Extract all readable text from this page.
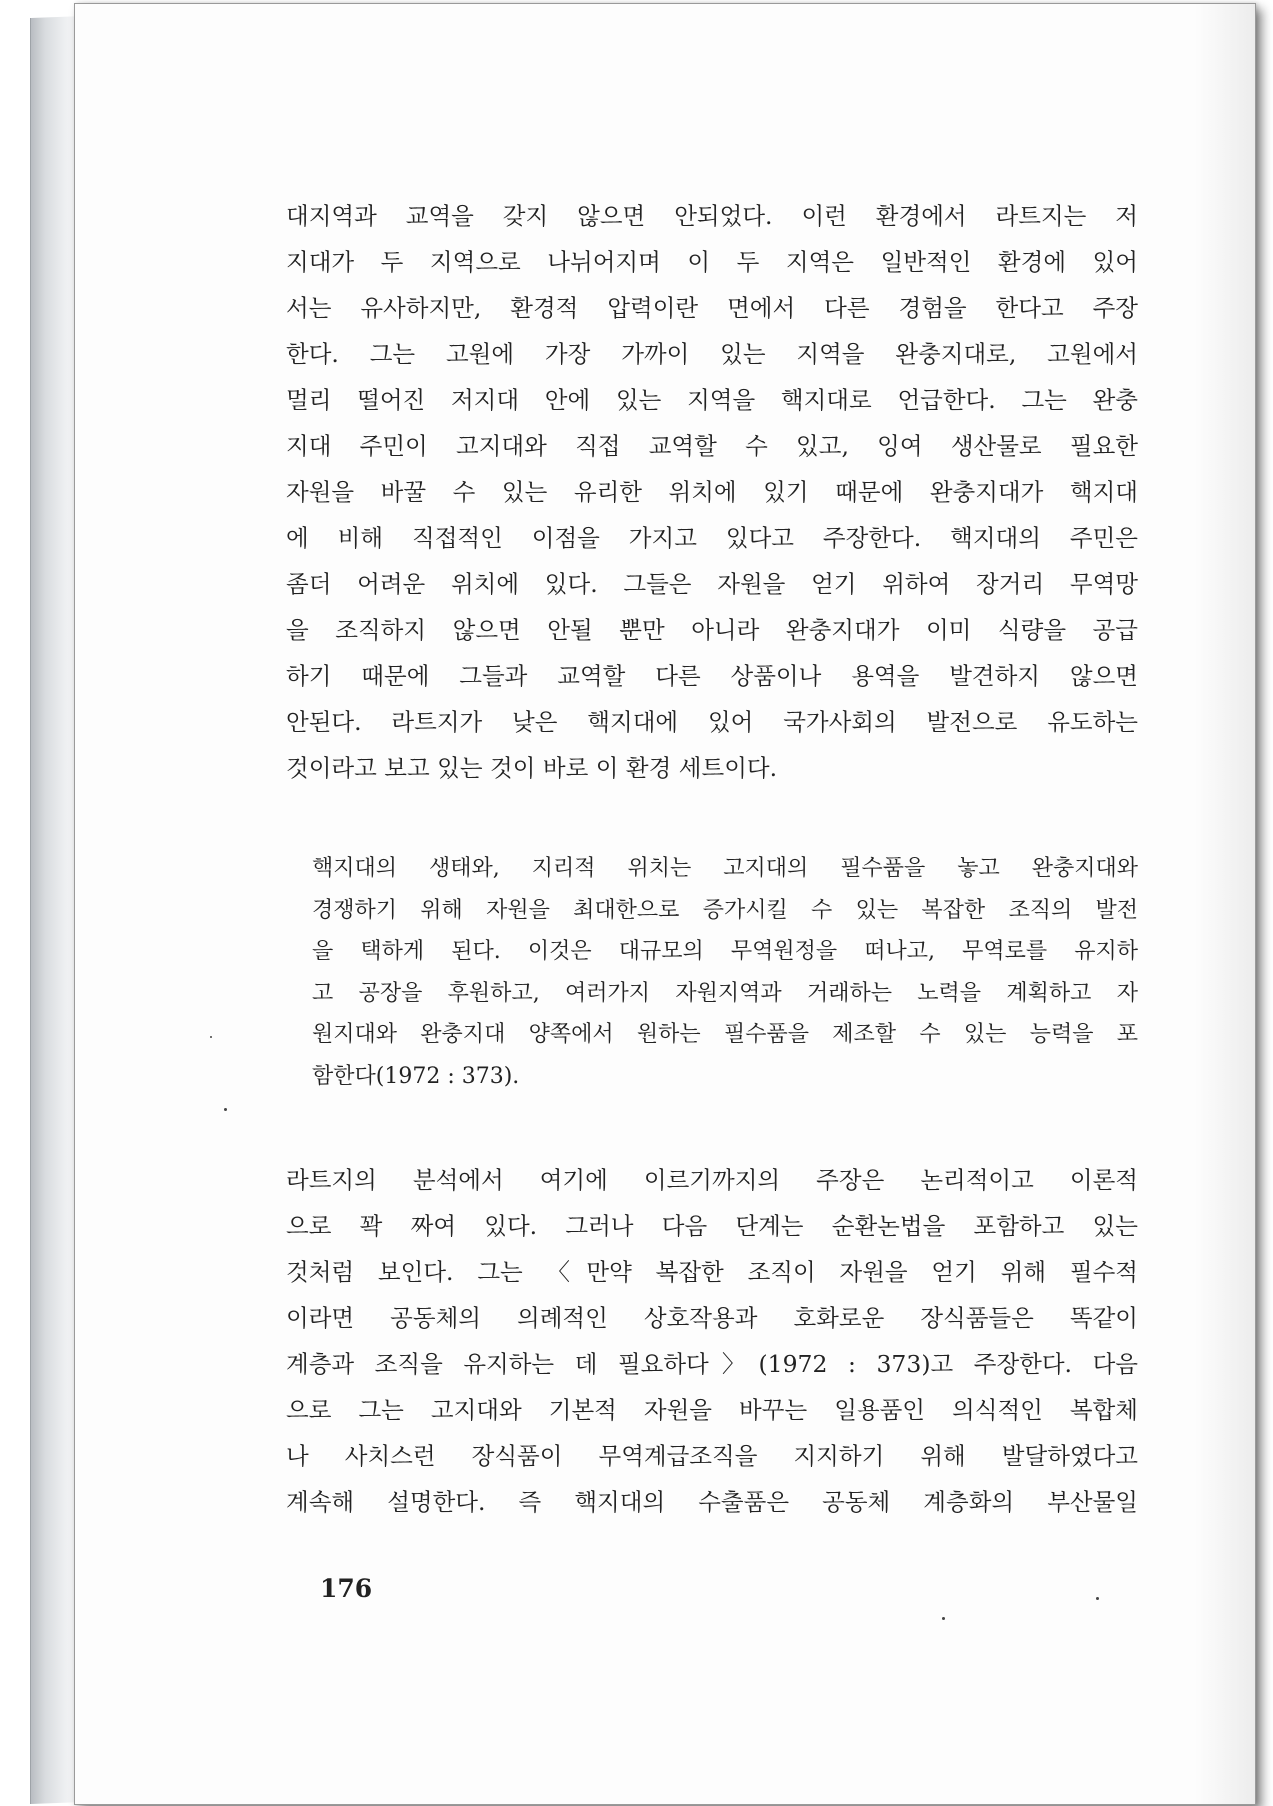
대지역과 교역을 갖지 않으면 안되었다. 이런 환경에서 라트지는 저
지대가 두 지역으로 나뉘어지며 이 두 지역은 일반적인 환경에 있어
서는 유사하지만, 환경적 압력이란 면에서 다른 경험을 한다고 주장
한다. 그는 고원에 가장 가까이 있는 지역을 완충지대로, 고원에서
멀리 떨어진 저지대 안에 있는 지역을 핵지대로 언급한다. 그는 완충
지대 주민이 고지대와 직접 교역할 수 있고, 잉여 생산물로 필요한
자원을 바꿀 수 있는 유리한 위치에 있기 때문에 완충지대가 핵지대
에 비해 직접적인 이점을 가지고 있다고 주장한다. 핵지대의 주민은
좀더 어려운 위치에 있다. 그들은 자원을 얻기 위하여 장거리 무역망
을 조직하지 않으면 안될 뿐만 아니라 완충지대가 이미 식량을 공급
하기 때문에 그들과 교역할 다른 상품이나 용역을 발견하지 않으면
안된다. 라트지가 낮은 핵지대에 있어 국가사회의 발전으로 유도하는
것이라고 보고 있는 것이 바로 이 환경 세트이다.
핵지대의 생태와, 지리적 위치는 고지대의 필수품을 놓고 완충지대와
경쟁하기 위해 자원을 최대한으로 증가시킬 수 있는 복잡한 조직의 발전
을 택하게 된다. 이것은 대규모의 무역원정을 떠나고, 무역로를 유지하
고 공장을 후원하고, 여러가지 자원지역과 거래하는 노력을 계획하고 자
원지대와 완충지대 양쪽에서 원하는 필수품을 제조할 수 있는 능력을 포
함한다(1972 : 373).
라트지의 분석에서 여기에 이르기까지의 주장은 논리적이고 이론적
으로 꽉 짜여 있다. 그러나 다음 단계는 순환논법을 포함하고 있는
것처럼 보인다. 그는 〈만약 복잡한 조직이 자원을 얻기 위해 필수적
이라면 공동체의 의례적인 상호작용과 호화로운 장식품들은 똑같이
계층과 조직을 유지하는 데 필요하다〉(1972 : 373)고 주장한다. 다음
으로 그는 고지대와 기본적 자원을 바꾸는 일용품인 의식적인 복합체
나 사치스런 장식품이 무역계급조직을 지지하기 위해 발달하였다고
계속해 설명한다. 즉 핵지대의 수출품은 공동체 계층화의 부산물일
176
